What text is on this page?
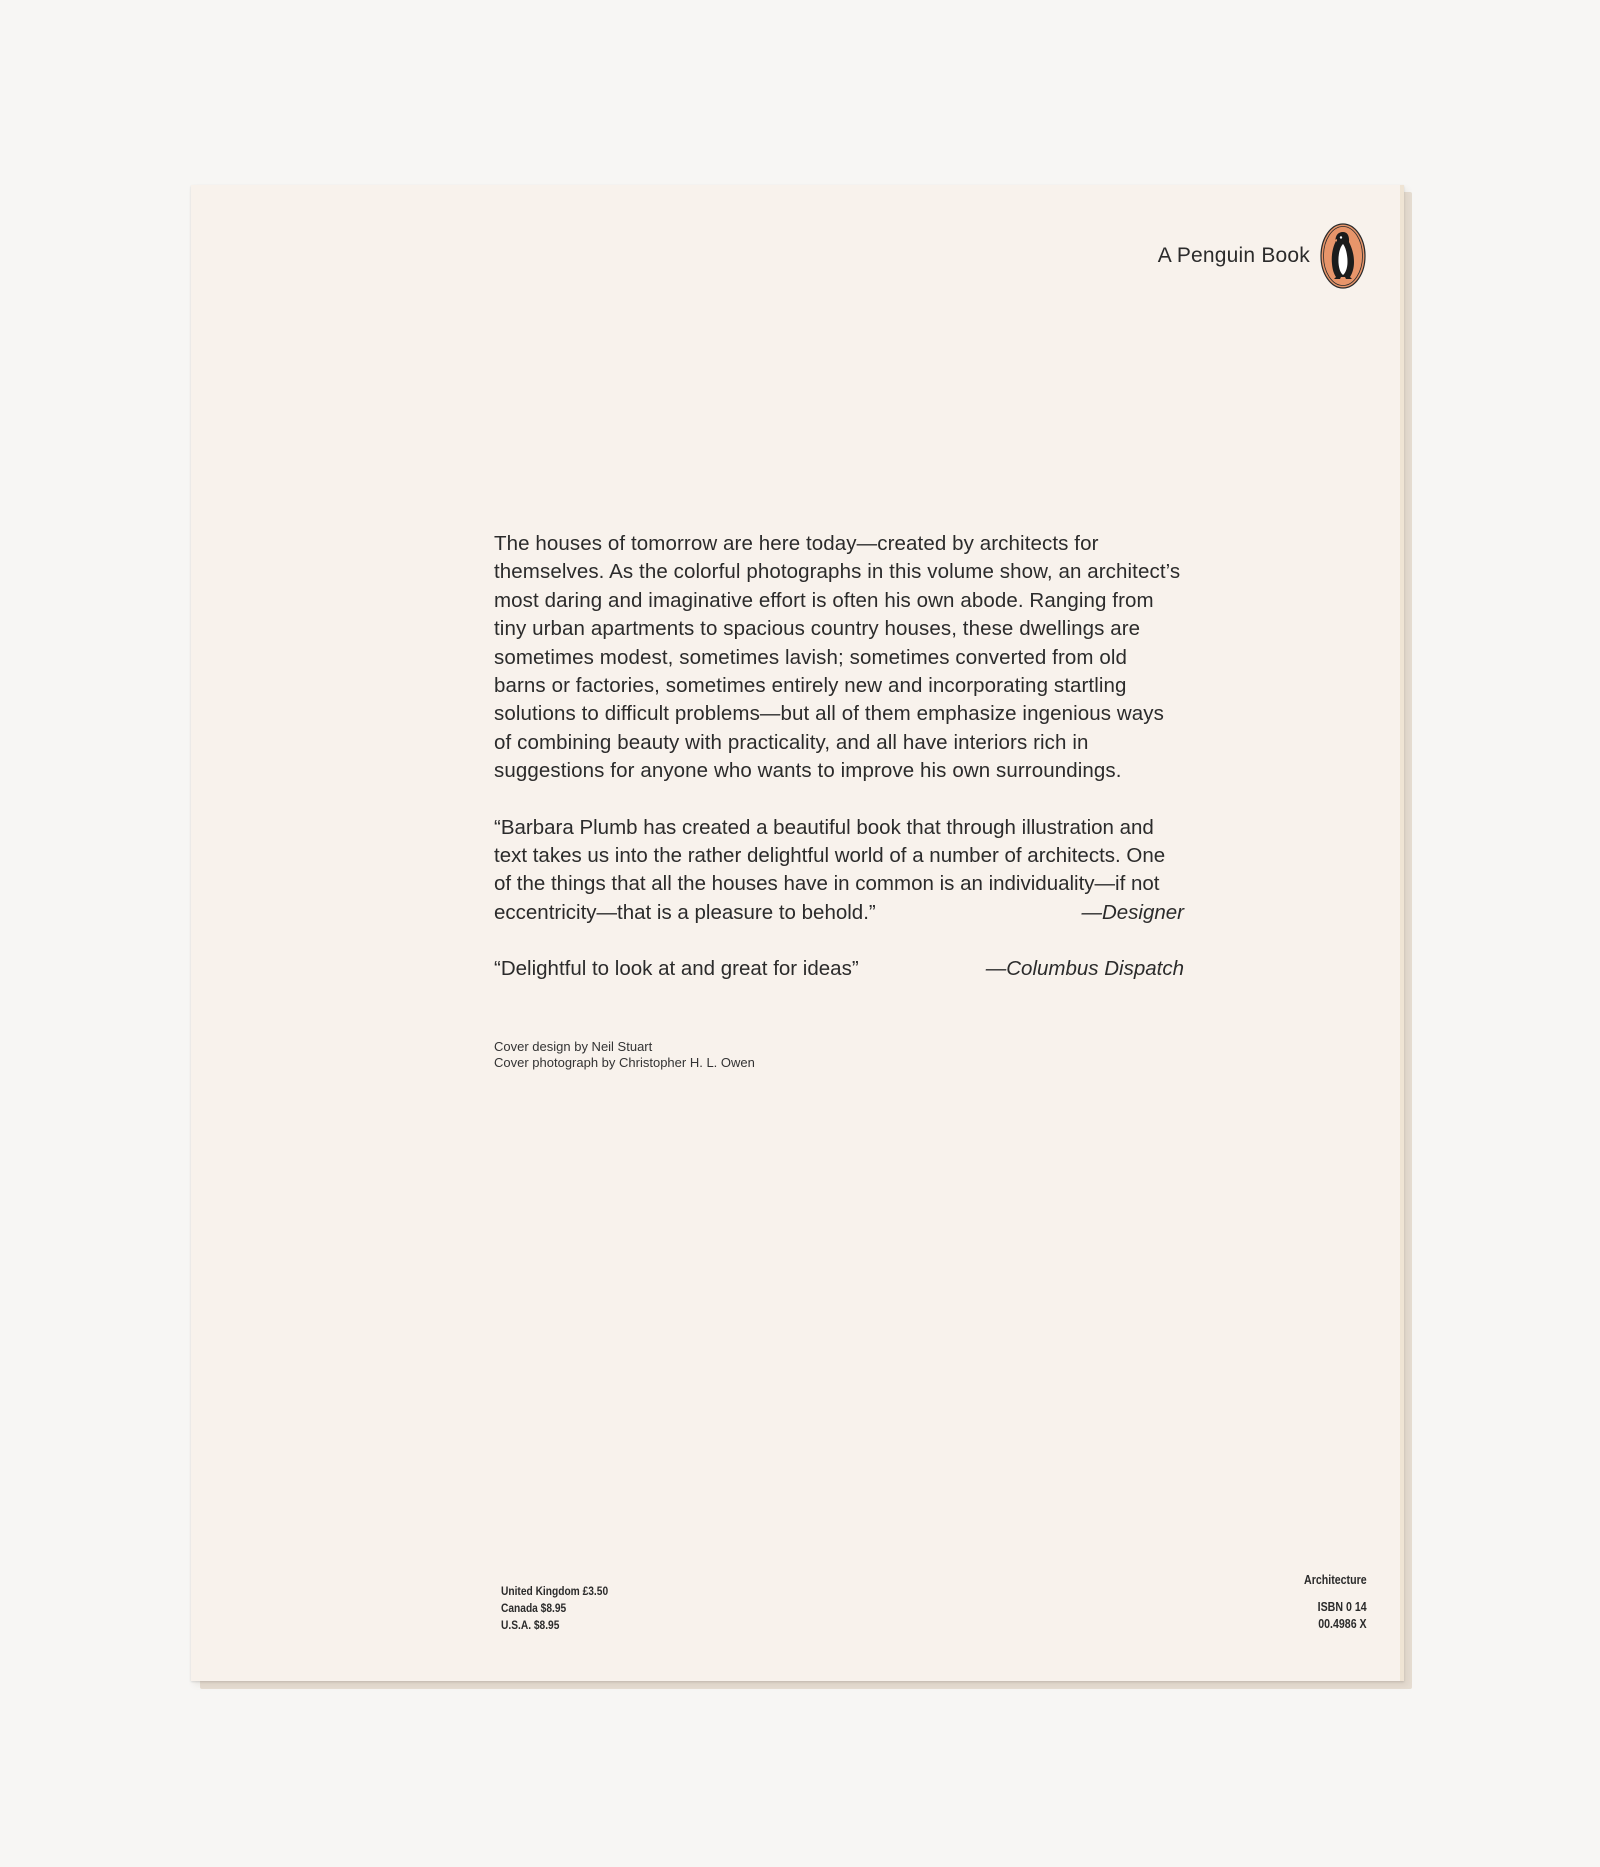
A Penguin Book

The houses of tomorrow are here today—created by architects for themselves. As the colorful photographs in this volume show, an architect’s most daring and imaginative effort is often his own abode. Ranging from tiny urban apartments to spacious country houses, these dwellings are sometimes modest, sometimes lavish; sometimes converted from old barns or factories, sometimes entirely new and incorporating startling solutions to difficult problems—but all of them emphasize ingenious ways of combining beauty with practicality, and all have interiors rich in suggestions for anyone who wants to improve his own surroundings.

“Barbara Plumb has created a beautiful book that through illustration and text takes us into the rather delightful world of a number of architects. One of the things that all the houses have in common is an individuality—if not eccentricity—that is a pleasure to behold.”	—Designer
“Delightful to look at and great for ideas”	—Columbus Dispatch
Cover design by Neil Stuart
Cover photograph by Christopher H. L. Owen
United Kingdom £3.50
Canada $8.95
U.S.A. $8.95
Architecture
ISBN 0 14
00.4986 X
